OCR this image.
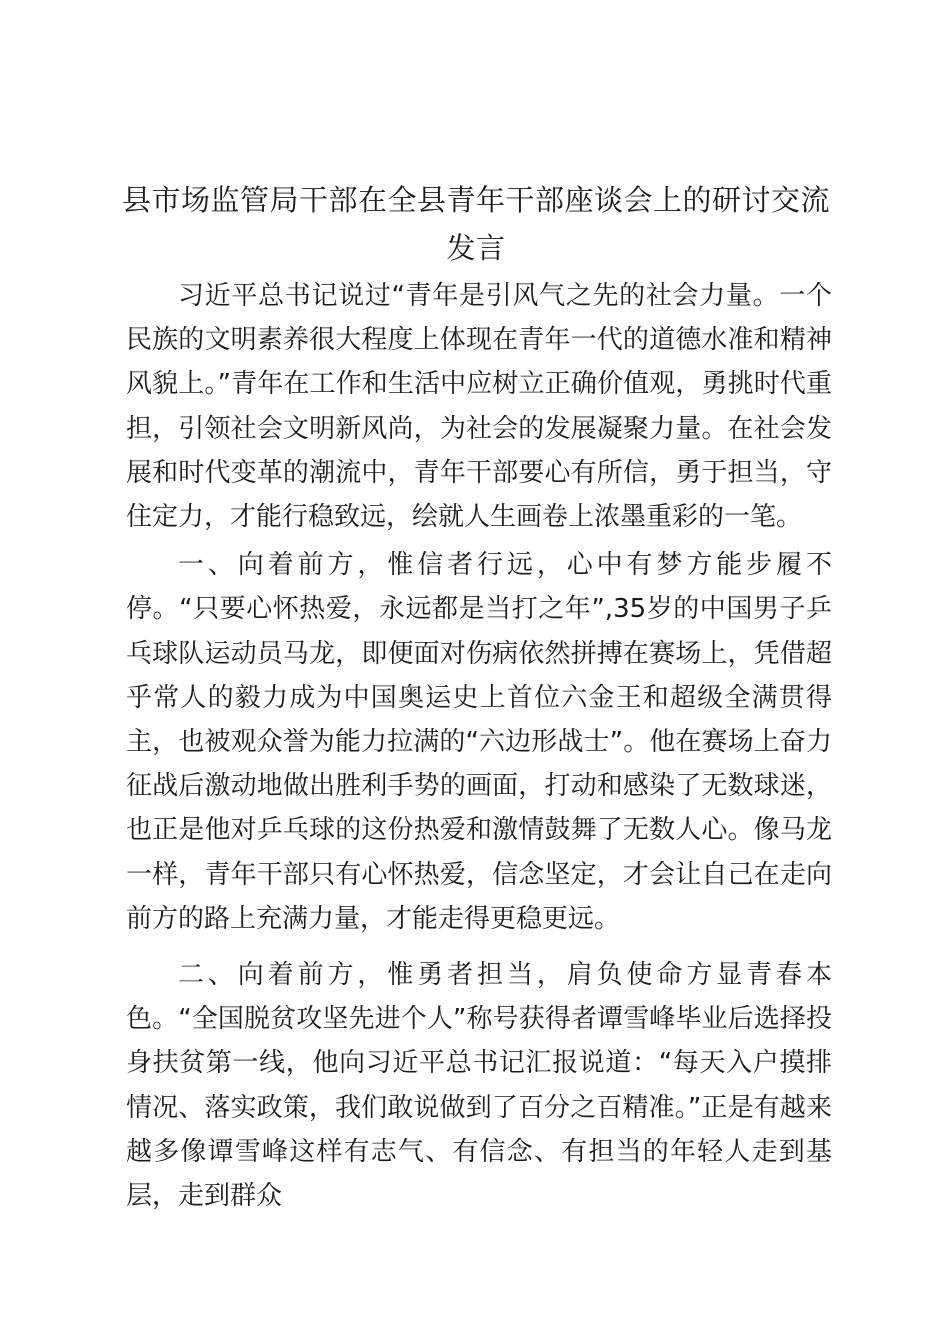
县市场监管局干部在全县青年干部座谈会上的研讨交流
发言

习近平总书记说过“青年是引风气之先的社会力量。一个民族的文明素养很大程度上体现在青年一代的道德水准和精神风貌上。”青年在工作和生活中应树立正确价值观，勇挑时代重担，引领社会文明新风尚，为社会的发展凝聚力量。在社会发展和时代变革的潮流中，青年干部要心有所信，勇于担当，守住定力，才能行稳致远，绘就人生画卷上浓墨重彩的一笔。

一、向着前方，惟信者行远，心中有梦方能步履不停。“只要心怀热爱，永远都是当打之年”,35岁的中国男子乒乓球队运动员马龙，即便面对伤病依然拼搏在赛场上，凭借超乎常人的毅力成为中国奥运史上首位六金王和超级全满贯得主，也被观众誉为能力拉满的“六边形战士”。他在赛场上奋力征战后激动地做出胜利手势的画面，打动和感染了无数球迷，也正是他对乒乓球的这份热爱和激情鼓舞了无数人心。像马龙一样，青年干部只有心怀热爱，信念坚定，才会让自己在走向前方的路上充满力量，才能走得更稳更远。

二、向着前方，惟勇者担当，肩负使命方显青春本色。“全国脱贫攻坚先进个人”称号获得者谭雪峰毕业后选择投身扶贫第一线，他向习近平总书记汇报说道：“每天入户摸排情况、落实政策，我们敢说做到了百分之百精准。”正是有越来越多像谭雪峰这样有志气、有信念、有担当的年轻人走到基层，走到群众
